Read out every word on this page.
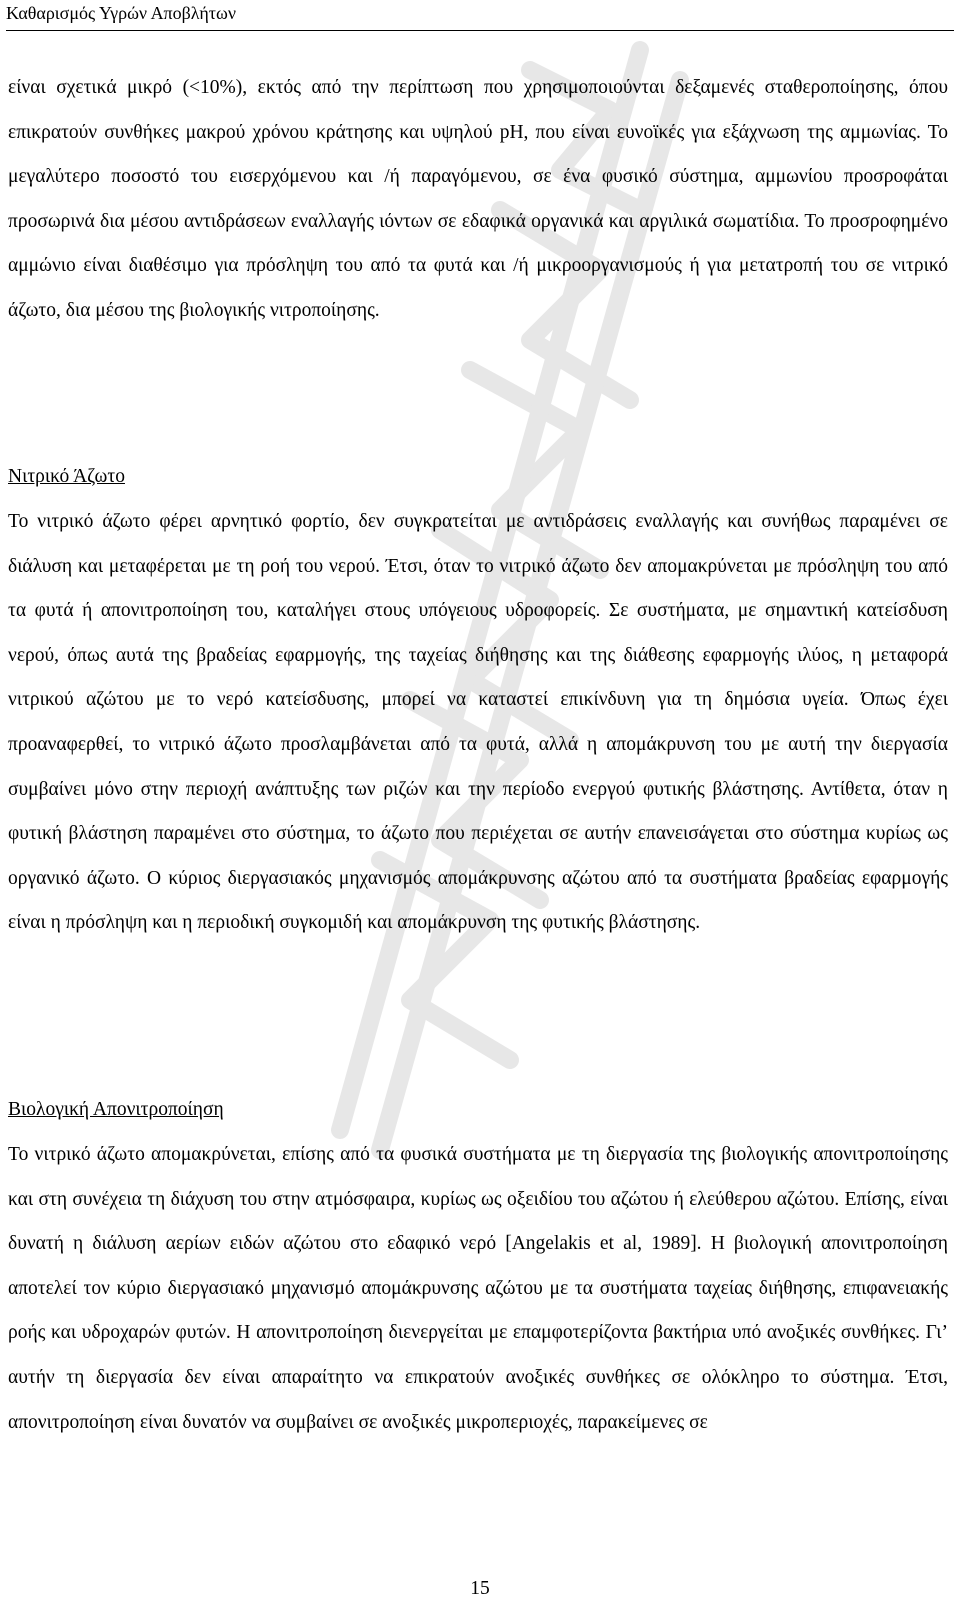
Καθαρισμός Υγρών Αποβλήτων

είναι σχετικά μικρό (<10%), εκτός από την περίπτωση που χρησιμοποιούνται δεξαμενές σταθεροποίησης, όπου επικρατούν συνθήκες μακρού χρόνου κράτησης και υψηλού pH, που είναι ευνοϊκές για εξάχνωση της αμμωνίας. Το μεγαλύτερο ποσοστό του εισερχόμενου και /ή παραγόμενου, σε ένα φυσικό σύστημα, αμμωνίου προσροφάται προσωρινά δια μέσου αντιδράσεων εναλλαγής ιόντων σε εδαφικά οργανικά και αργιλικά σωματίδια. Το προσροφημένο αμμώνιο είναι διαθέσιμο για πρόσληψη του από τα φυτά και /ή μικροοργανισμούς ή για μετατροπή του σε νιτρικό άζωτο, δια μέσου της βιολογικής νιτροποίησης.

Νιτρικό Άζωτο

Το νιτρικό άζωτο φέρει αρνητικό φορτίο, δεν συγκρατείται με αντιδράσεις εναλλαγής και συνήθως παραμένει σε διάλυση και μεταφέρεται με τη ροή του νερού. Έτσι, όταν το νιτρικό άζωτο δεν απομακρύνεται με πρόσληψη του από τα φυτά ή απονιτροποίηση του, καταλήγει στους υπόγειους υδροφορείς. Σε συστήματα, με σημαντική κατείσδυση νερού, όπως αυτά της βραδείας εφαρμογής, της ταχείας διήθησης και της διάθεσης εφαρμογής ιλύος, η μεταφορά νιτρικού αζώτου με το νερό κατείσδυσης, μπορεί να καταστεί επικίνδυνη για τη δημόσια υγεία. Όπως έχει προαναφερθεί, το νιτρικό άζωτο προσλαμβάνεται από τα φυτά, αλλά η απομάκρυνση του με αυτή την διεργασία συμβαίνει μόνο στην περιοχή ανάπτυξης των ριζών και την περίοδο ενεργού φυτικής βλάστησης. Αντίθετα, όταν η φυτική βλάστηση παραμένει στο σύστημα, το άζωτο που περιέχεται σε αυτήν επανεισάγεται στο σύστημα κυρίως ως οργανικό άζωτο. Ο κύριος διεργασιακός μηχανισμός απομάκρυνσης αζώτου από τα συστήματα βραδείας εφαρμογής είναι η πρόσληψη και η περιοδική συγκομιδή και απομάκρυνση της φυτικής βλάστησης.

Βιολογική Απονιτροποίηση

Το νιτρικό άζωτο απομακρύνεται, επίσης από τα φυσικά συστήματα με τη διεργασία της βιολογικής απονιτροποίησης και στη συνέχεια τη διάχυση του στην ατμόσφαιρα, κυρίως ως οξειδίου του αζώτου ή ελεύθερου αζώτου. Επίσης, είναι δυνατή η διάλυση αερίων ειδών αζώτου στο εδαφικό νερό [Angelakis et al, 1989]. Η βιολογική απονιτροποίηση αποτελεί τον κύριο διεργασιακό μηχανισμό απομάκρυνσης αζώτου με τα συστήματα ταχείας διήθησης, επιφανειακής ροής και υδροχαρών φυτών. Η απονιτροποίηση διενεργείται με επαμφοτερίζοντα βακτήρια υπό ανοξικές συνθήκες. Γι’ αυτήν τη διεργασία δεν είναι απαραίτητο να επικρατούν ανοξικές συνθήκες σε ολόκληρο το σύστημα. Έτσι, απονιτροποίηση είναι δυνατόν να συμβαίνει σε ανοξικές μικροπεριοχές, παρακείμενες σε

15
